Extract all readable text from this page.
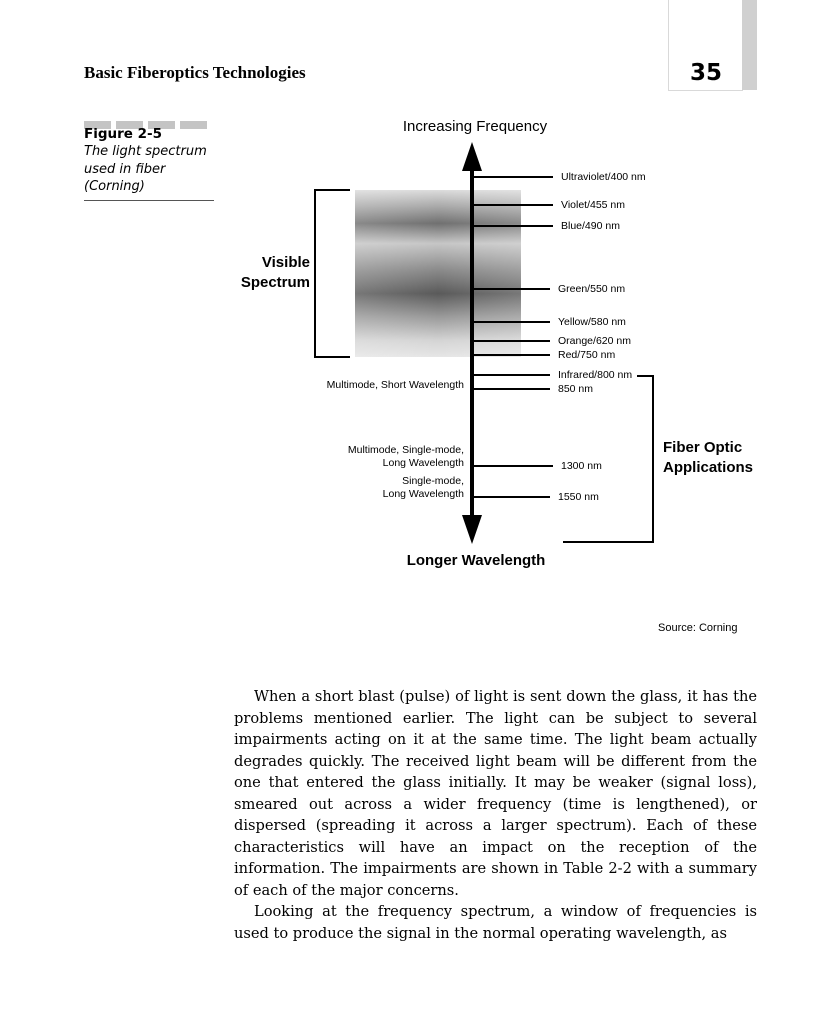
Basic Fiberoptics Technologies	35
Figure 2-5
The light spectrum used in fiber (Corning)
Increasing Frequency
Longer Wavelength
Visible
Spectrum
Fiber Optic
Applications
Ultraviolet/400 nm
Violet/455 nm
Blue/490 nm
Green/550 nm
Yellow/580 nm
Orange/620 nm
Red/750 nm
Infrared/800 nm
850 nm
1300 nm
1550 nm
Multimode, Short Wavelength
Multimode, Single-mode,
Long Wavelength
Single-mode,
Long Wavelength
Source: Corning

When a short blast (pulse) of light is sent down the glass, it has the problems mentioned earlier. The light can be subject to several impairments acting on it at the same time. The light beam actually degrades quickly. The received light beam will be different from the one that entered the glass initially. It may be weaker (signal loss), smeared out across a wider frequency (time is lengthened), or dispersed (spreading it across a larger spectrum). Each of these characteristics will have an impact on the reception of the information. The impairments are shown in Table 2-2 with a summary of each of the major concerns.

Looking at the frequency spectrum, a window of frequencies is used to produce the signal in the normal operating wavelength, as
